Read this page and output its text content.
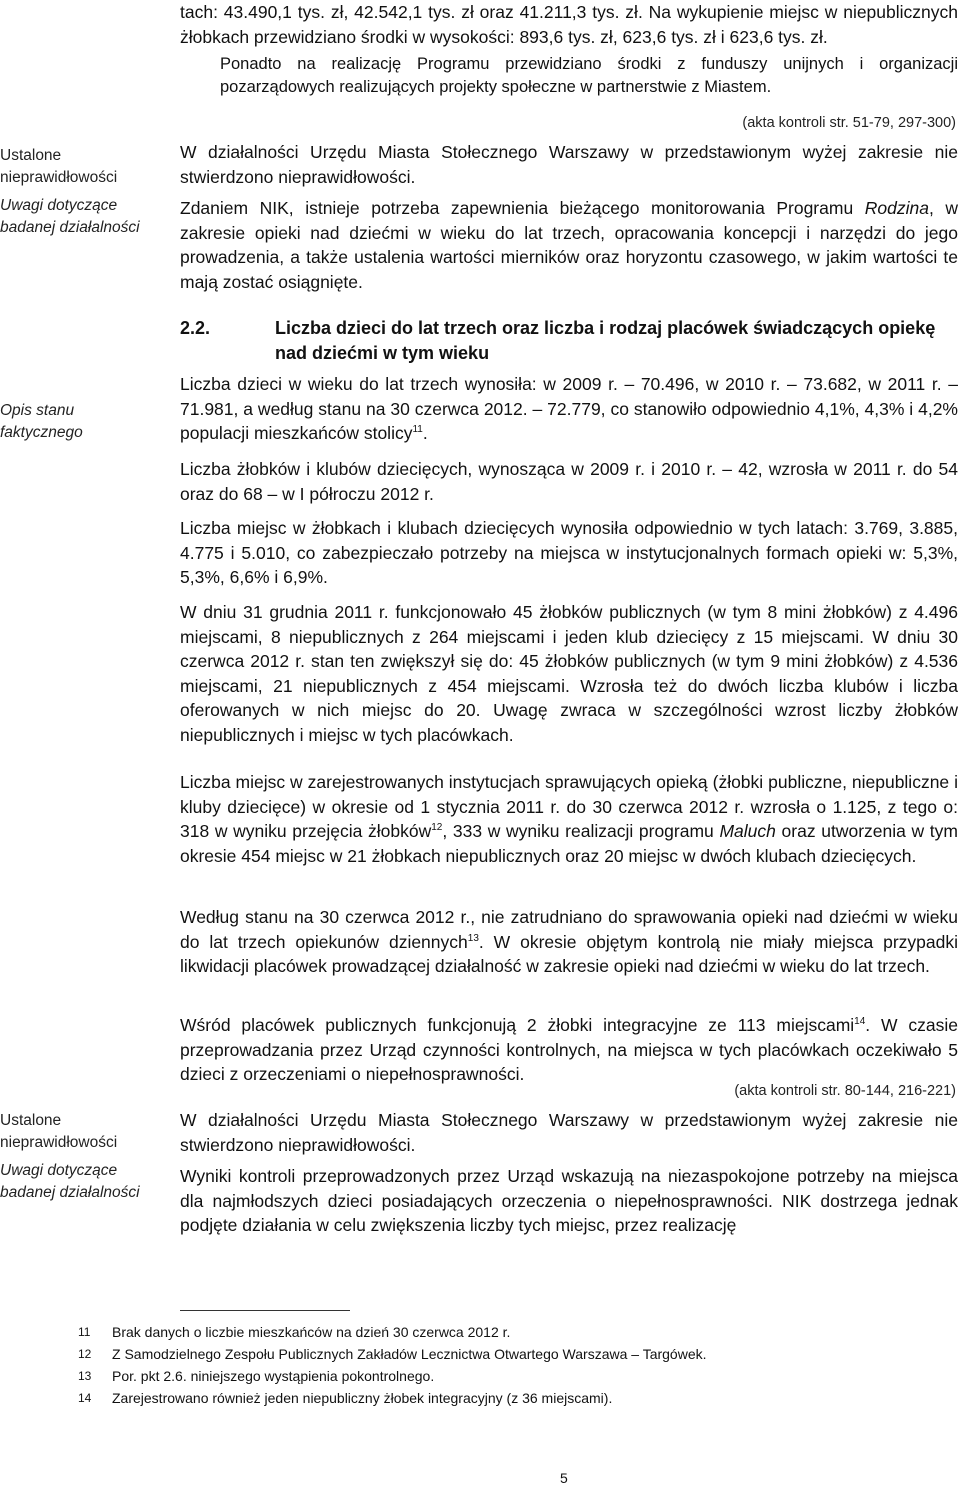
Ustalone
nieprawidłowości
Uwagi dotyczące
badanej działalności
Opis stanu
faktycznego
Ustalone
nieprawidłowości
Uwagi dotyczące
badanej działalności

tach: 43.490,1 tys. zł, 42.542,1 tys. zł oraz 41.211,3 tys. zł. Na wykupienie miejsc w niepublicznych żłobkach przewidziano środki w wysokości: 893,6 tys. zł, 623,6 tys. zł i 623,6 tys. zł.

Ponadto na realizację Programu przewidziano środki z funduszy unijnych i organizacji pozarządowych realizujących projekty społeczne w partnerstwie z Miastem.

(akta kontroli str. 51-79, 297-300)

W działalności Urzędu Miasta Stołecznego Warszawy w przedstawionym wyżej zakresie nie stwierdzono nieprawidłowości.

Zdaniem NIK, istnieje potrzeba zapewnienia bieżącego monitorowania Programu Rodzina, w zakresie opieki nad dziećmi w wieku do lat trzech, opracowania koncepcji i narzędzi do jego prowadzenia, a także ustalenia wartości mierników oraz horyzontu czasowego, w jakim wartości te mają zostać osiągnięte.

2.2.	Liczba dzieci do lat trzech oraz liczba i rodzaj placówek świadczących opiekę nad dziećmi w tym wieku

Liczba dzieci w wieku do lat trzech wynosiła: w 2009 r. – 70.496, w 2010 r. – 73.682, w 2011 r. – 71.981, a według stanu na 30 czerwca 2012. – 72.779, co stanowiło odpowiednio 4,1%, 4,3% i 4,2% populacji mieszkańców stolicy$^{11}$.

Liczba żłobków i klubów dziecięcych, wynosząca w 2009 r. i 2010 r. – 42, wzrosła w 2011 r. do 54 oraz do 68 – w I półroczu 2012 r.

Liczba miejsc w żłobkach i klubach dziecięcych wynosiła odpowiednio w tych latach: 3.769, 3.885, 4.775 i 5.010, co zabezpieczało potrzeby na miejsca w instytucjonalnych formach opieki w: 5,3%, 5,3%, 6,6% i 6,9%.

W dniu 31 grudnia 2011 r. funkcjonowało 45 żłobków publicznych (w tym 8 mini żłobków) z 4.496 miejscami, 8 niepublicznych z 264 miejscami i jeden klub dziecięcy z 15 miejscami. W dniu 30 czerwca 2012 r. stan ten zwiększył się do: 45 żłobków publicznych (w tym 9 mini żłobków) z 4.536 miejscami, 21 niepublicznych z 454 miejscami. Wzrosła też do dwóch liczba klubów i liczba oferowanych w nich miejsc do 20. Uwagę zwraca w szczególności wzrost liczby żłobków niepublicznych i miejsc w tych placówkach.

Liczba miejsc w zarejestrowanych instytucjach sprawujących opieką (żłobki publiczne, niepubliczne i kluby dziecięce) w okresie od 1 stycznia 2011 r. do 30 czerwca 2012 r. wzrosła o 1.125, z tego o: 318 w wyniku przejęcia żłobków$^{12}$, 333 w wyniku realizacji programu Maluch oraz utworzenia w tym okresie 454 miejsc w 21 żłobkach niepublicznych oraz 20 miejsc w dwóch klubach dziecięcych.

Według stanu na 30 czerwca 2012 r., nie zatrudniano do sprawowania opieki nad dziećmi w wieku do lat trzech opiekunów dziennych$^{13}$. W okresie objętym kontrolą nie miały miejsca przypadki likwidacji placówek prowadzącej działalność w zakresie opieki nad dziećmi w wieku do lat trzech.

Wśród placówek publicznych funkcjonują 2 żłobki integracyjne ze 113 miejscami$^{14}$. W czasie przeprowadzania przez Urząd czynności kontrolnych, na miejsca w tych placówkach oczekiwało 5 dzieci z orzeczeniami o niepełnosprawności.

(akta kontroli str. 80-144, 216-221)

W działalności Urzędu Miasta Stołecznego Warszawy w przedstawionym wyżej zakresie nie stwierdzono nieprawidłowości.

Wyniki kontroli przeprowadzonych przez Urząd wskazują na niezaspokojone potrzeby na miejsca dla najmłodszych dzieci posiadających orzeczenia o niepełnosprawności. NIK dostrzega jednak podjęte działania w celu zwiększenia liczby tych miejsc, przez realizację

11 Brak danych o liczbie mieszkańców na dzień 30 czerwca 2012 r.
12 Z Samodzielnego Zespołu Publicznych Zakładów Lecznictwa Otwartego Warszawa – Targówek.
13 Por. pkt 2.6. niniejszego wystąpienia pokontrolnego.
14 Zarejestrowano również jeden niepubliczny żłobek integracyjny (z 36 miejscami).
5
